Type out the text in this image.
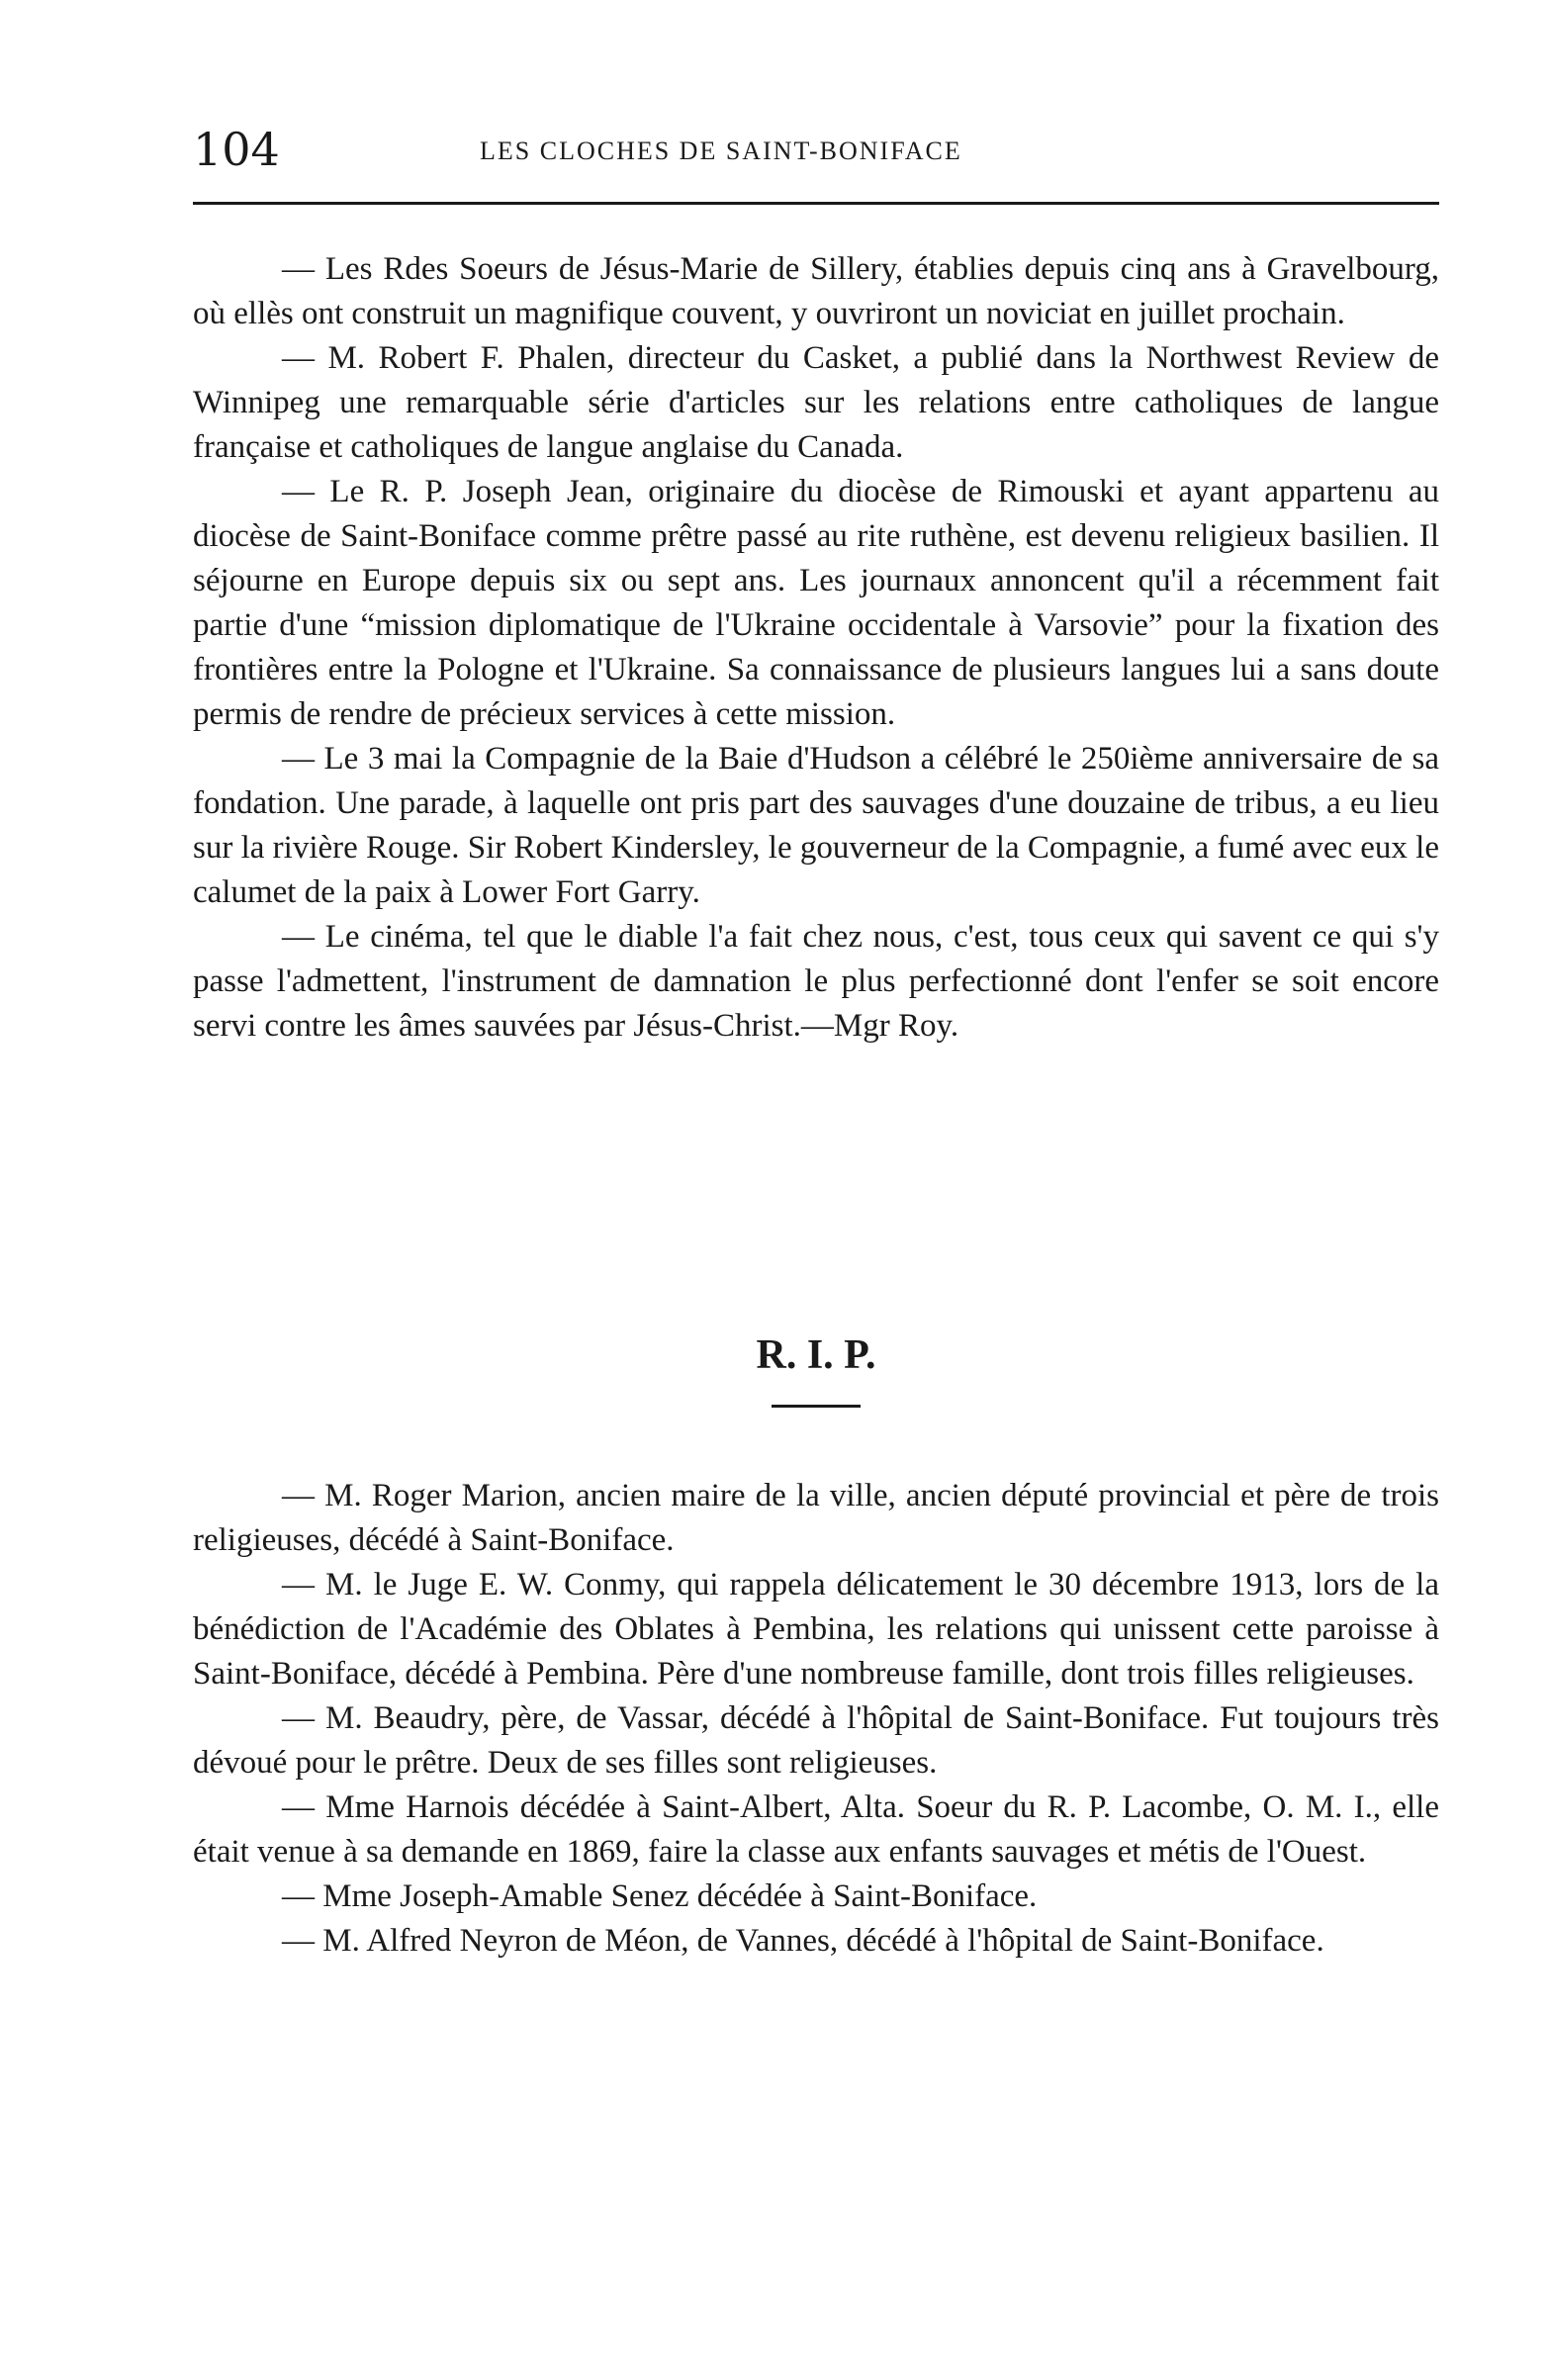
104	LES CLOCHES DE SAINT-BONIFACE

— Les Rdes Soeurs de Jésus-Marie de Sillery, établies depuis cinq ans à Gravelbourg, où ellès ont construit un magnifique couvent, y ouvriront un noviciat en juillet prochain.

— M. Robert F. Phalen, directeur du Casket, a publié dans la Northwest Review de Winnipeg une remarquable série d'articles sur les relations entre catholiques de langue française et catholiques de langue anglaise du Canada.

— Le R. P. Joseph Jean, originaire du diocèse de Rimouski et ayant appartenu au diocèse de Saint-Boniface comme prêtre passé au rite ruthène, est devenu religieux basilien. Il séjourne en Europe depuis six ou sept ans. Les journaux annoncent qu'il a récemment fait partie d'une “mission diplomatique de l'Ukraine occidentale à Varsovie” pour la fixation des frontières entre la Pologne et l'Ukraine. Sa connaissance de plusieurs langues lui a sans doute permis de rendre de précieux services à cette mission.

— Le 3 mai la Compagnie de la Baie d'Hudson a célébré le 250ième anniversaire de sa fondation. Une parade, à laquelle ont pris part des sauvages d'une douzaine de tribus, a eu lieu sur la rivière Rouge. Sir Robert Kindersley, le gouverneur de la Compagnie, a fumé avec eux le calumet de la paix à Lower Fort Garry.

— Le cinéma, tel que le diable l'a fait chez nous, c'est, tous ceux qui savent ce qui s'y passe l'admettent, l'instrument de damnation le plus perfectionné dont l'enfer se soit encore servi contre les âmes sauvées par Jésus-Christ.—Mgr Roy.

R. I. P.

— M. Roger Marion, ancien maire de la ville, ancien député provincial et père de trois religieuses, décédé à Saint-Boniface.

— M. le Juge E. W. Conmy, qui rappela délicatement le 30 décembre 1913, lors de la bénédiction de l'Académie des Oblates à Pembina, les relations qui unissent cette paroisse à Saint-Boniface, décédé à Pembina. Père d'une nombreuse famille, dont trois filles religieuses.

— M. Beaudry, père, de Vassar, décédé à l'hôpital de Saint-Boniface. Fut toujours très dévoué pour le prêtre. Deux de ses filles sont religieuses.

— Mme Harnois décédée à Saint-Albert, Alta. Soeur du R. P. Lacombe, O. M. I., elle était venue à sa demande en 1869, faire la classe aux enfants sauvages et métis de l'Ouest.

— Mme Joseph-Amable Senez décédée à Saint-Boniface.

— M. Alfred Neyron de Méon, de Vannes, décédé à l'hôpital de Saint-Boniface.
